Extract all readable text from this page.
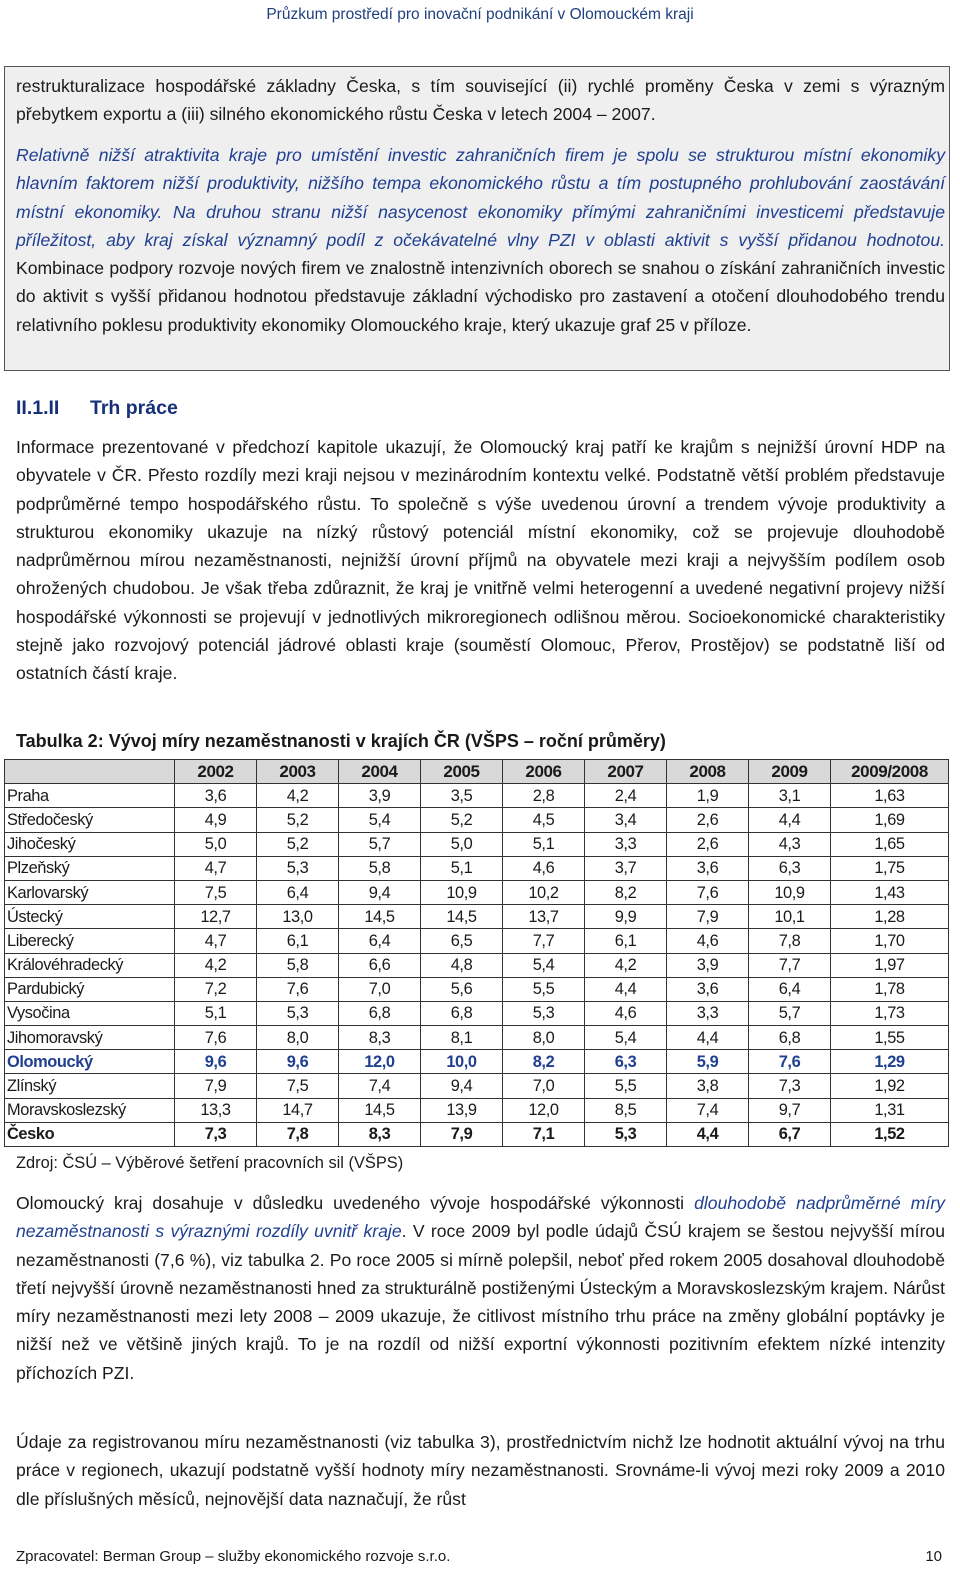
Průzkum prostředí pro inovační podnikání v Olomouckém kraji

restrukturalizace hospodářské základny Česka, s tím související (ii) rychlé proměny Česka v zemi s výrazným přebytkem exportu a (iii) silného ekonomického růstu Česka v letech 2004 – 2007.

Relativně nižší atraktivita kraje pro umístění investic zahraničních firem je spolu se strukturou místní ekonomiky hlavním faktorem nižší produktivity, nižšího tempa ekonomického růstu a tím postupného prohlubování zaostávání místní ekonomiky. Na druhou stranu nižší nasycenost ekonomiky přímými zahraničními investicemi představuje příležitost, aby kraj získal významný podíl z očekávatelné vlny PZI v oblasti aktivit s vyšší přidanou hodnotou. Kombinace podpory rozvoje nových firem ve znalostně intenzivních oborech se snahou o získání zahraničních investic do aktivit s vyšší přidanou hodnotou představuje základní východisko pro zastavení a otočení dlouhodobého trendu relativního poklesu produktivity ekonomiky Olomouckého kraje, který ukazuje graf 25 v příloze.

II.1.II Trh práce

Informace prezentované v předchozí kapitole ukazují, že Olomoucký kraj patří ke krajům s nejnižší úrovní HDP na obyvatele v ČR. Přesto rozdíly mezi kraji nejsou v mezinárodním kontextu velké. Podstatně větší problém představuje podprůměrné tempo hospodářského růstu. To společně s výše uvedenou úrovní a trendem vývoje produktivity a strukturou ekonomiky ukazuje na nízký růstový potenciál místní ekonomiky, což se projevuje dlouhodobě nadprůměrnou mírou nezaměstnanosti, nejnižší úrovní příjmů na obyvatele mezi kraji a nejvyšším podílem osob ohrožených chudobou. Je však třeba zdůraznit, že kraj je vnitřně velmi heterogenní a uvedené negativní projevy nižší hospodářské výkonnosti se projevují v jednotlivých mikroregionech odlišnou měrou. Socioekonomické charakteristiky stejně jako rozvojový potenciál jádrové oblasti kraje (soumĕstí Olomouc, Přerov, Prostějov) se podstatně liší od ostatních částí kraje.

Tabulka 2: Vývoj míry nezaměstnanosti v krajích ČR (VŠPS – roční průměry)
	2002	2003	2004	2005	2006	2007	2008	2009	2009/2008
Praha	3,6	4,2	3,9	3,5	2,8	2,4	1,9	3,1	1,63
Středočeský	4,9	5,2	5,4	5,2	4,5	3,4	2,6	4,4	1,69
Jihočeský	5,0	5,2	5,7	5,0	5,1	3,3	2,6	4,3	1,65
Plzeňský	4,7	5,3	5,8	5,1	4,6	3,7	3,6	6,3	1,75
Karlovarský	7,5	6,4	9,4	10,9	10,2	8,2	7,6	10,9	1,43
Ústecký	12,7	13,0	14,5	14,5	13,7	9,9	7,9	10,1	1,28
Liberecký	4,7	6,1	6,4	6,5	7,7	6,1	4,6	7,8	1,70
Královéhradecký	4,2	5,8	6,6	4,8	5,4	4,2	3,9	7,7	1,97
Pardubický	7,2	7,6	7,0	5,6	5,5	4,4	3,6	6,4	1,78
Vysočina	5,1	5,3	6,8	6,8	5,3	4,6	3,3	5,7	1,73
Jihomoravský	7,6	8,0	8,3	8,1	8,0	5,4	4,4	6,8	1,55
Olomoucký	9,6	9,6	12,0	10,0	8,2	6,3	5,9	7,6	1,29
Zlínský	7,9	7,5	7,4	9,4	7,0	5,5	3,8	7,3	1,92
Moravskoslezský	13,3	14,7	14,5	13,9	12,0	8,5	7,4	9,7	1,31
Česko	7,3	7,8	8,3	7,9	7,1	5,3	4,4	6,7	1,52
Zdroj: ČSÚ – Výběrové šetření pracovních sil (VŠPS)

Olomoucký kraj dosahuje v důsledku uvedeného vývoje hospodářské výkonnosti dlouhodobě nadprůměrné míry nezaměstnanosti s výraznými rozdíly uvnitř kraje. V roce 2009 byl podle údajů ČSÚ krajem se šestou nejvyšší mírou nezaměstnanosti (7,6 %), viz tabulka 2. Po roce 2005 si mírně polepšil, neboť před rokem 2005 dosahoval dlouhodobě třetí nejvyšší úrovně nezaměstnanosti hned za strukturálně postiženými Ústeckým a Moravskoslezským krajem. Nárůst míry nezaměstnanosti mezi lety 2008 – 2009 ukazuje, že citlivost místního trhu práce na změny globální poptávky je nižší než ve většině jiných krajů. To je na rozdíl od nižší exportní výkonnosti pozitivním efektem nízké intenzity příchozích PZI.

Údaje za registrovanou míru nezaměstnanosti (viz tabulka 3), prostřednictvím nichž lze hodnotit aktuální vývoj na trhu práce v regionech, ukazují podstatně vyšší hodnoty míry nezaměstnanosti. Srovnáme-li vývoj mezi roky 2009 a 2010 dle příslušných měsíců, nejnovější data naznačují, že růst

Zpracovatel: Berman Group – služby ekonomického rozvoje s.r.o.	10
